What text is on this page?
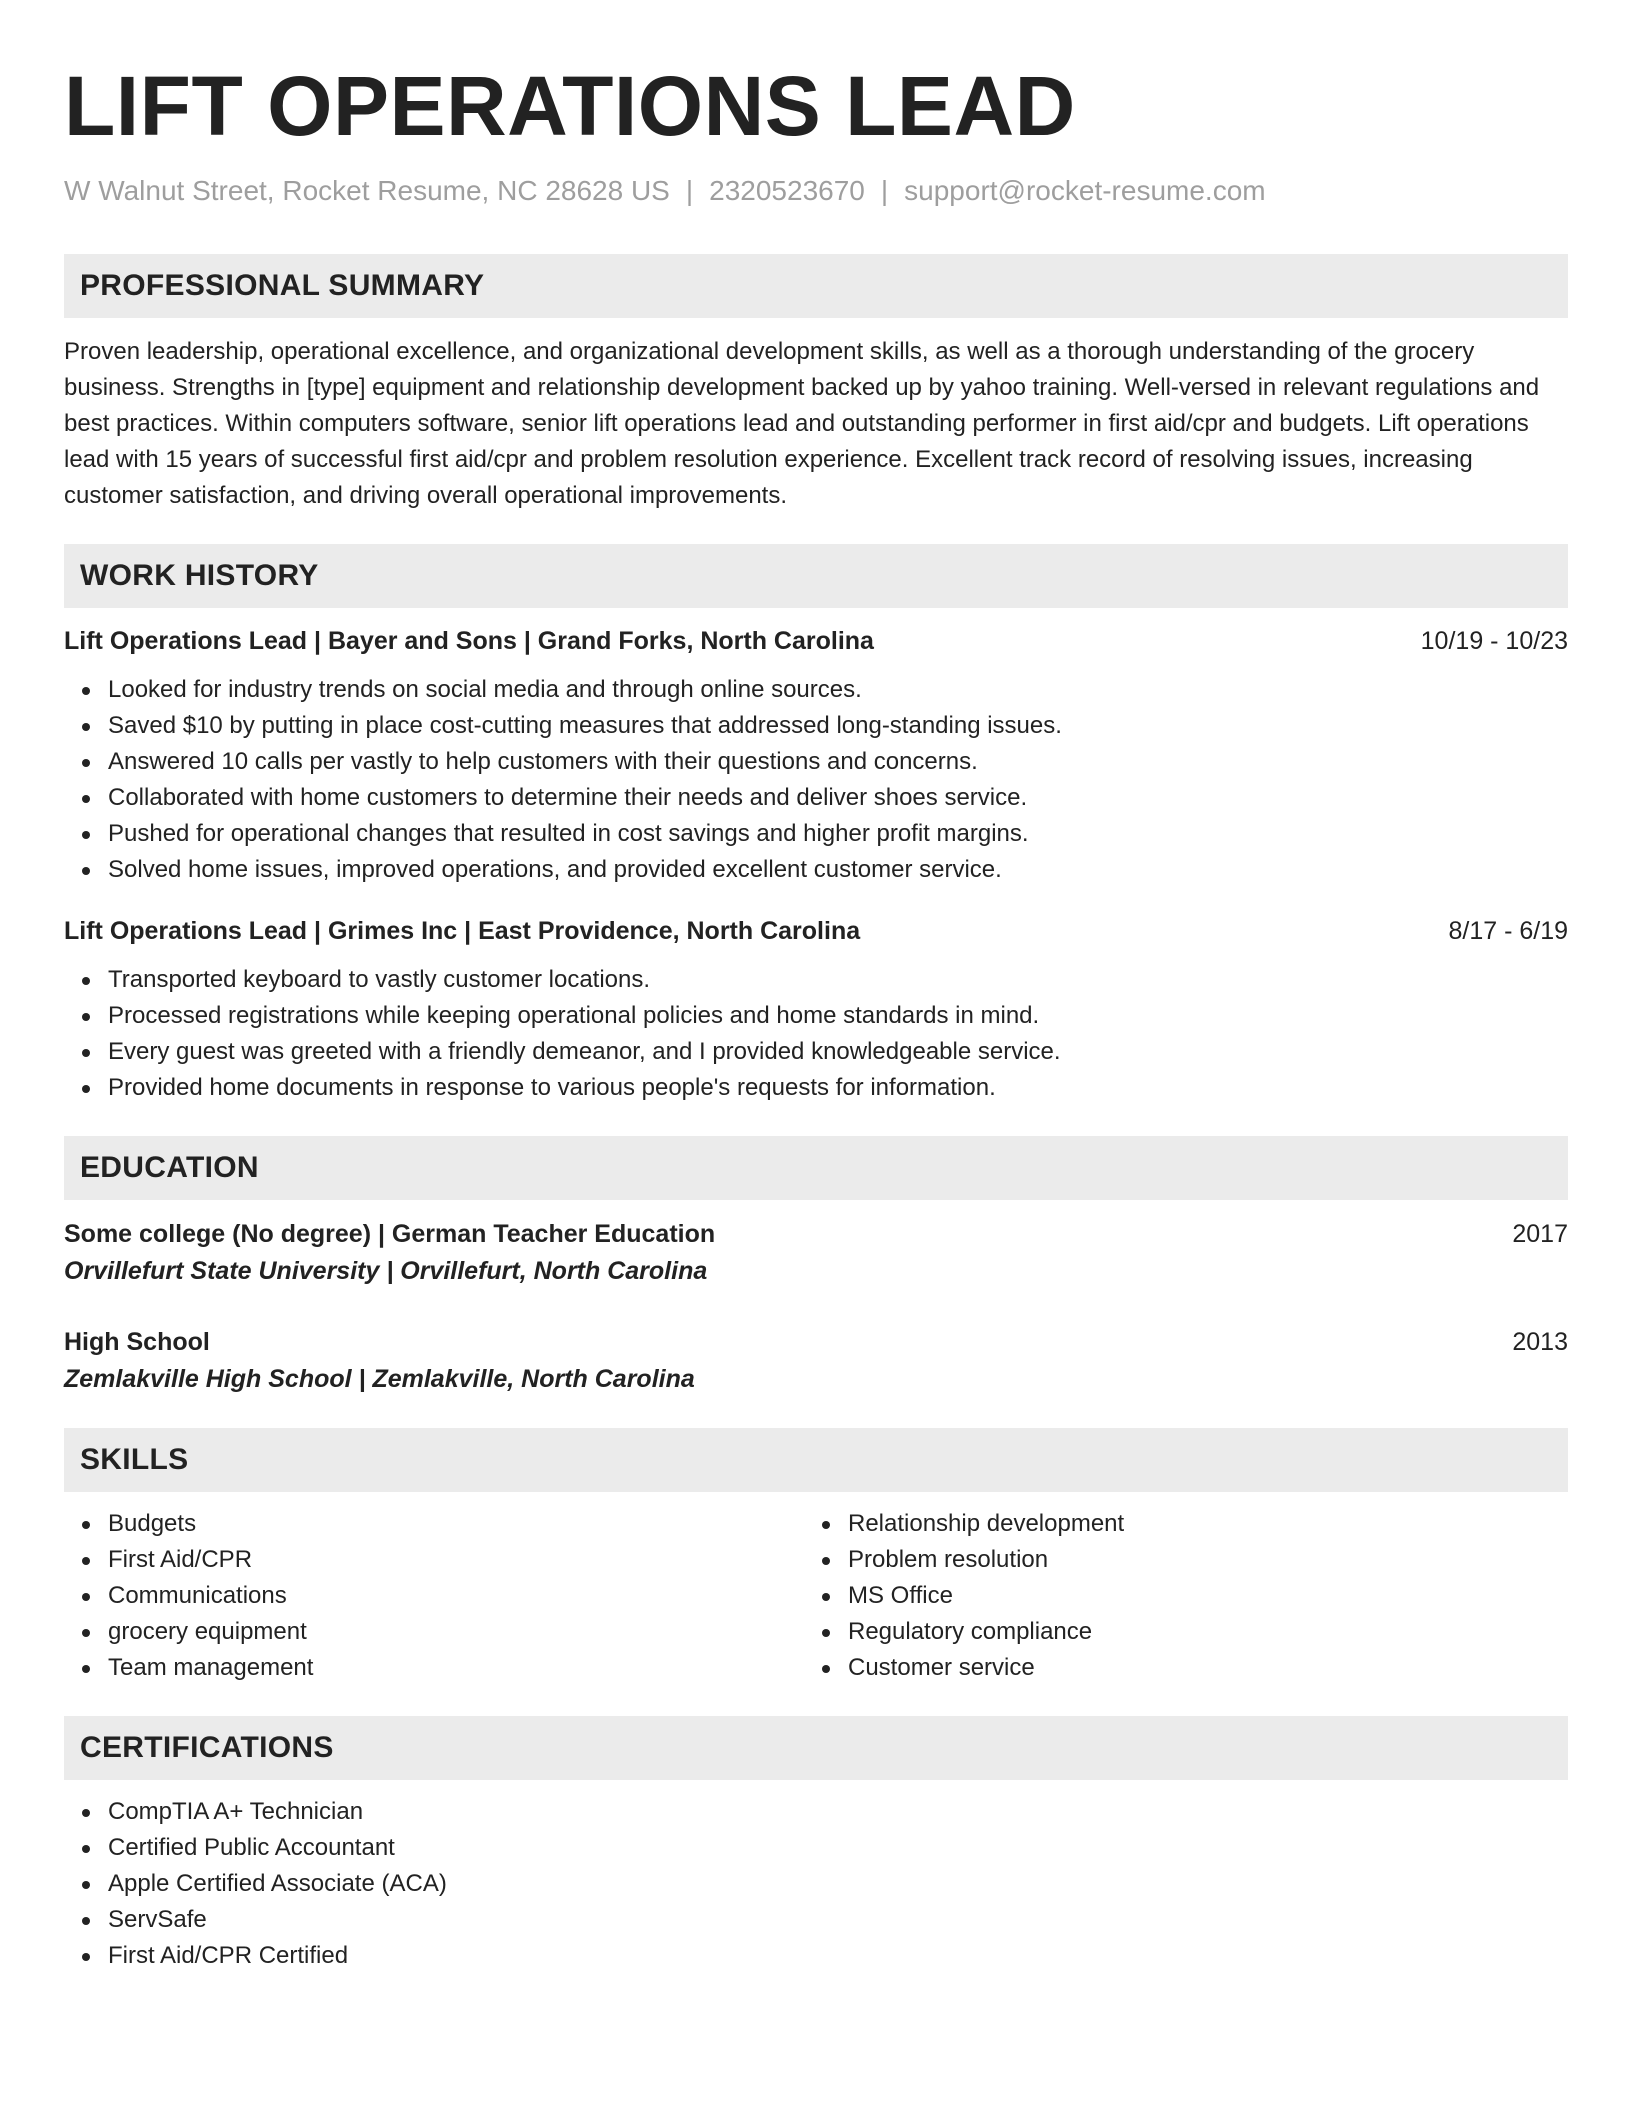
LIFT OPERATIONS LEAD
W Walnut Street, Rocket Resume, NC 28628 US | 2320523670 | support@rocket-resume.com
PROFESSIONAL SUMMARY
Proven leadership, operational excellence, and organizational development skills, as well as a thorough understanding of the grocery business. Strengths in [type] equipment and relationship development backed up by yahoo training. Well-versed in relevant regulations and best practices. Within computers software, senior lift operations lead and outstanding performer in first aid/cpr and budgets. Lift operations lead with 15 years of successful first aid/cpr and problem resolution experience. Excellent track record of resolving issues, increasing customer satisfaction, and driving overall operational improvements.
WORK HISTORY
Lift Operations Lead | Bayer and Sons | Grand Forks, North Carolina	10/19 - 10/23
Looked for industry trends on social media and through online sources.
Saved $10 by putting in place cost-cutting measures that addressed long-standing issues.
Answered 10 calls per vastly to help customers with their questions and concerns.
Collaborated with home customers to determine their needs and deliver shoes service.
Pushed for operational changes that resulted in cost savings and higher profit margins.
Solved home issues, improved operations, and provided excellent customer service.
Lift Operations Lead | Grimes Inc | East Providence, North Carolina	8/17 - 6/19
Transported keyboard to vastly customer locations.
Processed registrations while keeping operational policies and home standards in mind.
Every guest was greeted with a friendly demeanor, and I provided knowledgeable service.
Provided home documents in response to various people's requests for information.
EDUCATION
Some college (No degree) | German Teacher Education	2017
Orvillefurt State University | Orvillefurt, North Carolina
High School	2013
Zemlakville High School | Zemlakville, North Carolina
SKILLS
Budgets
First Aid/CPR
Communications
grocery equipment
Team management
Relationship development
Problem resolution
MS Office
Regulatory compliance
Customer service
CERTIFICATIONS
CompTIA A+ Technician
Certified Public Accountant
Apple Certified Associate (ACA)
ServSafe
First Aid/CPR Certified
